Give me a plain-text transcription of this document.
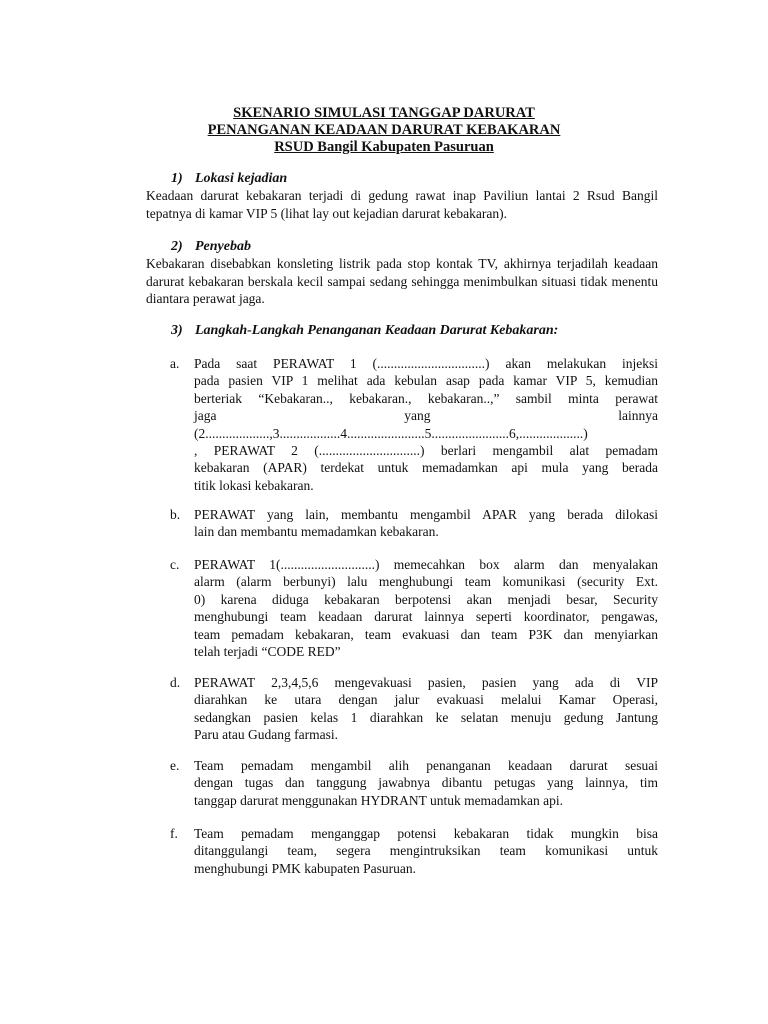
SKENARIO SIMULASI TANGGAP DARURAT
PENANGANAN KEADAAN DARURAT KEBAKARAN
RSUD Bangil Kabupaten Pasuruan
1) Lokasi kejadian
Keadaan darurat kebakaran terjadi di gedung rawat inap Paviliun lantai 2 Rsud Bangil tepatnya di kamar VIP 5 (lihat lay out kejadian darurat kebakaran).
2) Penyebab
Kebakaran disebabkan konsleting listrik pada stop kontak TV, akhirnya terjadilah keadaan darurat kebakaran berskala kecil sampai sedang sehingga menimbulkan situasi tidak menentu diantara perawat jaga.
3) Langkah-Langkah Penanganan Keadaan Darurat Kebakaran:
a. Pada saat PERAWAT 1 (................................) akan melakukan injeksi
pada pasien VIP 1 melihat ada kebulan asap pada kamar VIP 5, kemudian
berteriak “Kebakaran.., kebakaran., kebakaran..,” sambil minta perawat
jaga yang lainnya
(2...................,3..................4.......................5.......................6,...................)
, PERAWAT 2 (..............................) berlari mengambil alat pemadam
kebakaran (APAR) terdekat untuk memadamkan api mula yang berada
titik lokasi kebakaran.
b. PERAWAT yang lain, membantu mengambil APAR yang berada dilokasi
lain dan membantu memadamkan kebakaran.
c. PERAWAT 1(............................) memecahkan box alarm dan menyalakan
alarm (alarm berbunyi) lalu menghubungi team komunikasi (security Ext.
0) karena diduga kebakaran berpotensi akan menjadi besar, Security
menghubungi team keadaan darurat lainnya seperti koordinator, pengawas,
team pemadam kebakaran, team evakuasi dan team P3K dan menyiarkan
telah terjadi “CODE RED”
d. PERAWAT 2,3,4,5,6 mengevakuasi pasien, pasien yang ada di VIP
diarahkan ke utara dengan jalur evakuasi melalui Kamar Operasi,
sedangkan pasien kelas 1 diarahkan ke selatan menuju gedung Jantung
Paru atau Gudang farmasi.
e. Team pemadam mengambil alih penanganan keadaan darurat sesuai
dengan tugas dan tanggung jawabnya dibantu petugas yang lainnya, tim
tanggap darurat menggunakan HYDRANT untuk memadamkan api.
f. Team pemadam menganggap potensi kebakaran tidak mungkin bisa
ditanggulangi team, segera mengintruksikan team komunikasi untuk
menghubungi PMK kabupaten Pasuruan.
